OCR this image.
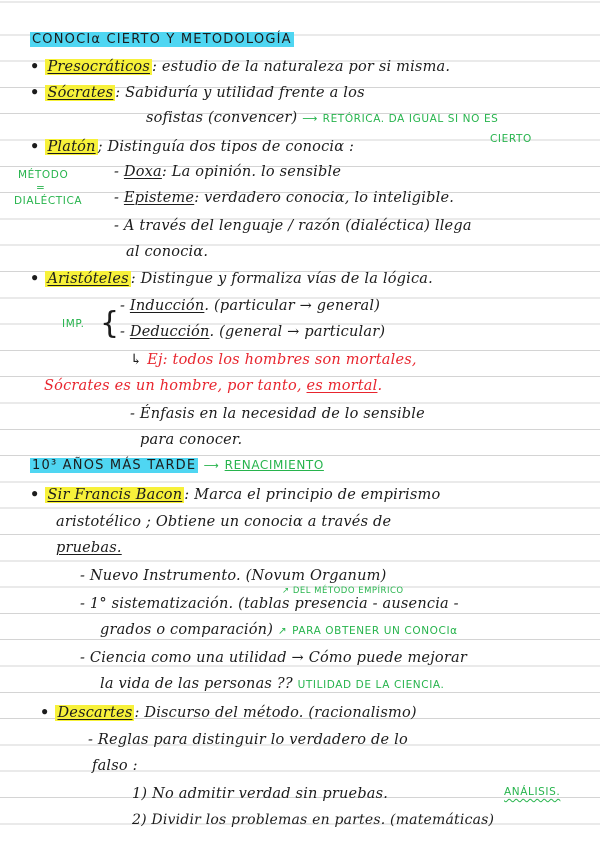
CONOCIα CIERTO Y METODOLOGÍA
• Presocráticos : estudio de la naturaleza por si misma.
• Sócrates : Sabiduría y utilidad frente a los
sofistas (convencer) ⟶ RETÓRICA. DA IGUAL SI NO ES
CIERTO
• Platón ; Distinguía dos tipos de conociα :
MÉTODO
=
DIALÉCTICA
- Doxa: La opinión. lo sensible
- Episteme: verdadero conociα, lo inteligible.
- A través del lenguaje / razón (dialéctica) llega
al conociα.
• Aristóteles : Distingue y formaliza vías de la lógica.
IMP. { - Inducción. (particular → general)
- Deducción. (general → particular)
↳ Ej: todos los hombres son mortales,
Sócrates es un hombre, por tanto, es mortal.
- Énfasis en la necesidad de lo sensible
para conocer.
10³ AÑOS MÁS TARDE ⟶ RENACIMIENTO
• Sir Francis Bacon : Marca el principio de empirismo
aristotélico ; Obtiene un conociα a través de
pruebas.
- Nuevo Instrumento. (Novum Organum)
↗ DEL MÉTODO EMPÍRICO
- 1° sistematización. (tablas presencia - ausencia -
grados o comparación) ↗ PARA OBTENER UN CONOCIα
- Ciencia como una utilidad → Cómo puede mejorar
la vida de las personas ?? UTILIDAD DE LA CIENCIA.
• Descartes : Discurso del método. (racionalismo)
- Reglas para distinguir lo verdadero de lo
falso :
1) No admitir verdad sin pruebas.	ANÁLISIS.
2) Dividir los problemas en partes. (matemáticas)
